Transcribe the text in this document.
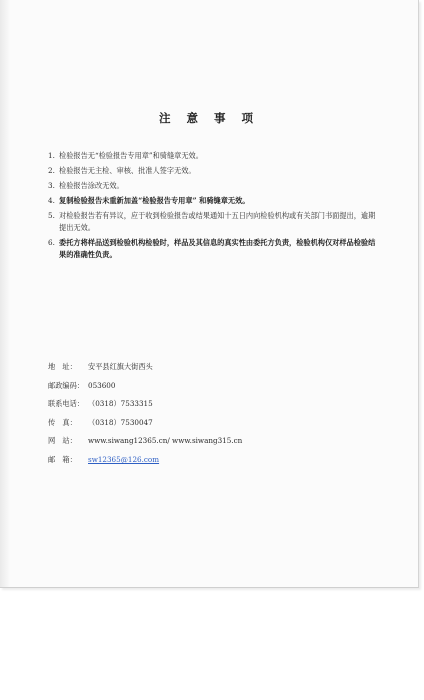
注 意 事 项
1. 检验报告无“检验报告专用章”和骑缝章无效。
2. 检验报告无主检、审核、批准人签字无效。
3. 检验报告涂改无效。
4. 复制检验报告未重新加盖“检验报告专用章” 和骑缝章无效。
5. 对检验报告若有异议，应于收到检验报告或结果通知十五日内向检验机构或有关部门书面提出，逾期提出无效。
6. 委托方将样品送到检验机构检验时，样品及其信息的真实性由委托方负责，检验机构仅对样品检验结果的准确性负责。
地　址：	安平县红旗大街西头
邮政编码： 053600
联系电话： （0318）7533315
传　真：	（0318）7530047
网　站：	www.siwang12365.cn/ www.siwang315.cn
邮　箱：	sw12365@126.com
